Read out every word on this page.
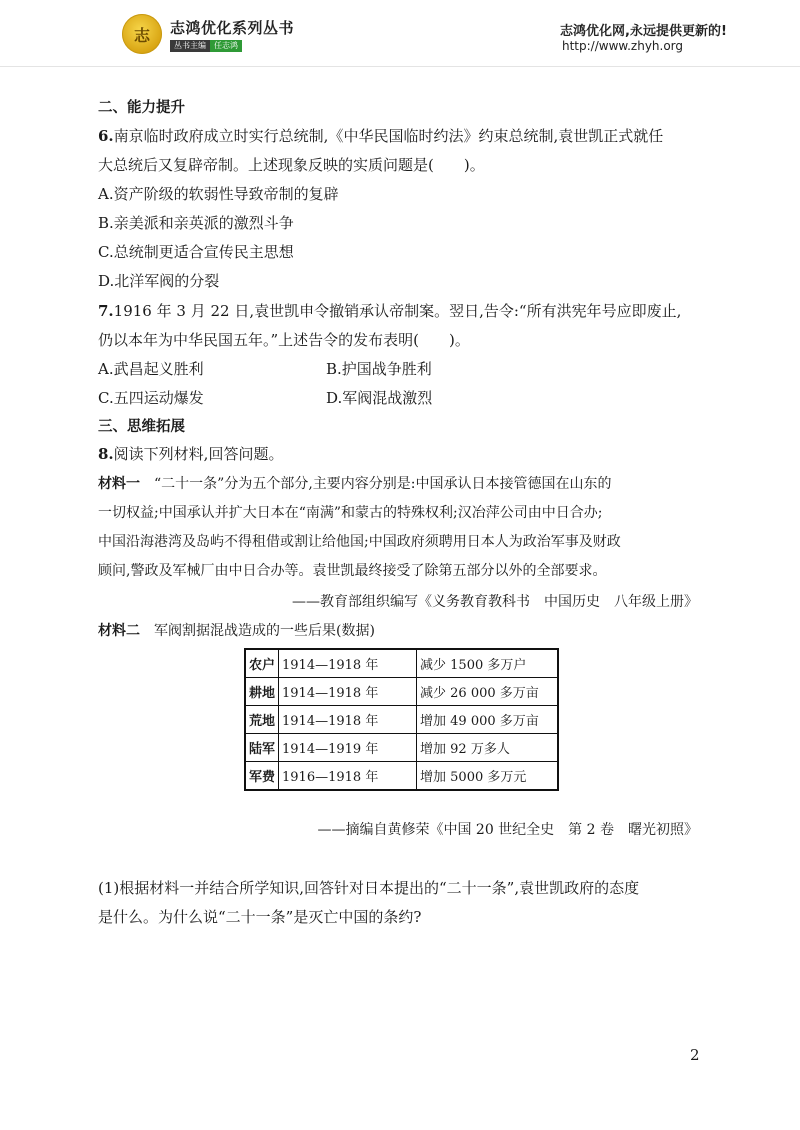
志	志鸿优化系列丛书
丛书主编 任志鸿
志鸿优化网,永远提供更新的!
http://www.zhyh.org
二、能力提升
6.南京临时政府成立时实行总统制,《中华民国临时约法》约束总统制,袁世凯正式就任
大总统后又复辟帝制。上述现象反映的实质问题是(　　)。
A.资产阶级的软弱性导致帝制的复辟
B.亲美派和亲英派的激烈斗争
C.总统制更适合宣传民主思想
D.北洋军阀的分裂
7.1916 年 3 月 22 日,袁世凯申令撤销承认帝制案。翌日,告令:“所有洪宪年号应即废止,
仍以本年为中华民国五年。”上述告令的发布表明(　　)。
A.武昌起义胜利	B.护国战争胜利
C.五四运动爆发	D.军阀混战激烈
三、思维拓展
8.阅读下列材料,回答问题。
材料一　“二十一条”分为五个部分,主要内容分别是:中国承认日本接管德国在山东的
一切权益;中国承认并扩大日本在“南满”和蒙古的特殊权利;汉冶萍公司由中日合办;
中国沿海港湾及岛屿不得租借或割让给他国;中国政府须聘用日本人为政治军事及财政
顾问,警政及军械厂由中日合办等。袁世凯最终接受了除第五部分以外的全部要求。
——教育部组织编写《义务教育教科书　中国历史　八年级上册》
材料二　军阀割据混战造成的一些后果(数据)
农户	1914—1918 年	减少 1500 多万户
耕地	1914—1918 年	减少 26 000 多万亩
荒地	1914—1918 年	增加 49 000 多万亩
陆军	1914—1919 年	增加 92 万多人
军费	1916—1918 年	增加 5000 多万元
——摘编自黄修荣《中国 20 世纪全史　第 2 卷　曙光初照》
(1)根据材料一并结合所学知识,回答针对日本提出的“二十一条”,袁世凯政府的态度
是什么。为什么说“二十一条”是灭亡中国的条约?
2
